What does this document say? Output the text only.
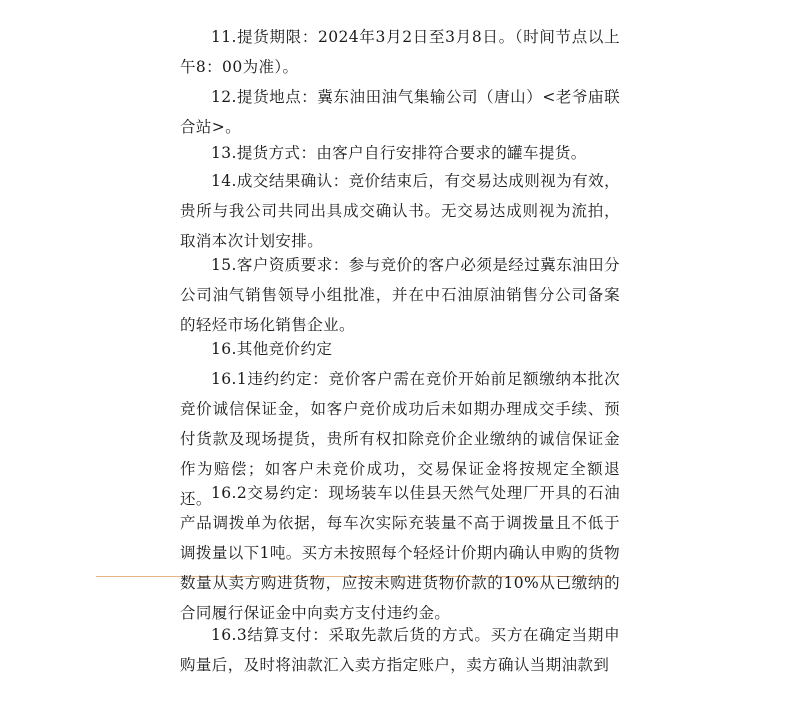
11.提货期限：2024年3月2日至3月8日。（时间节点以上午8：00为准）。

12.提货地点：冀东油田油气集输公司（唐山）<老爷庙联合站>。

13.提货方式：由客户自行安排符合要求的罐车提货。

14.成交结果确认：竞价结束后，有交易达成则视为有效，贵所与我公司共同出具成交确认书。无交易达成则视为流拍，取消本次计划安排。

15.客户资质要求：参与竞价的客户必须是经过冀东油田分公司油气销售领导小组批准，并在中石油原油销售分公司备案的轻烃市场化销售企业。

16.其他竞价约定

16.1违约约定：竞价客户需在竞价开始前足额缴纳本批次竞价诚信保证金，如客户竞价成功后未如期办理成交手续、预付货款及现场提货，贵所有权扣除竞价企业缴纳的诚信保证金作为赔偿；如客户未竞价成功，交易保证金将按规定全额退还。 16.2交易约定：现场装车以佳县天然气处理厂开具的石油产品调拨单为依据，每车次实际充装量不高于调拨量且不低于调拨量以下1吨。买方未按照每个轻烃计价期内确认申购的货物数量从卖方购进货物，应按未购进货物价款的10%从已缴纳的合同履行保证金中向卖方支付违约金。

16.3结算支付：采取先款后货的方式。买方在确定当期申购量后，及时将油款汇入卖方指定账户，卖方确认当期油款到
